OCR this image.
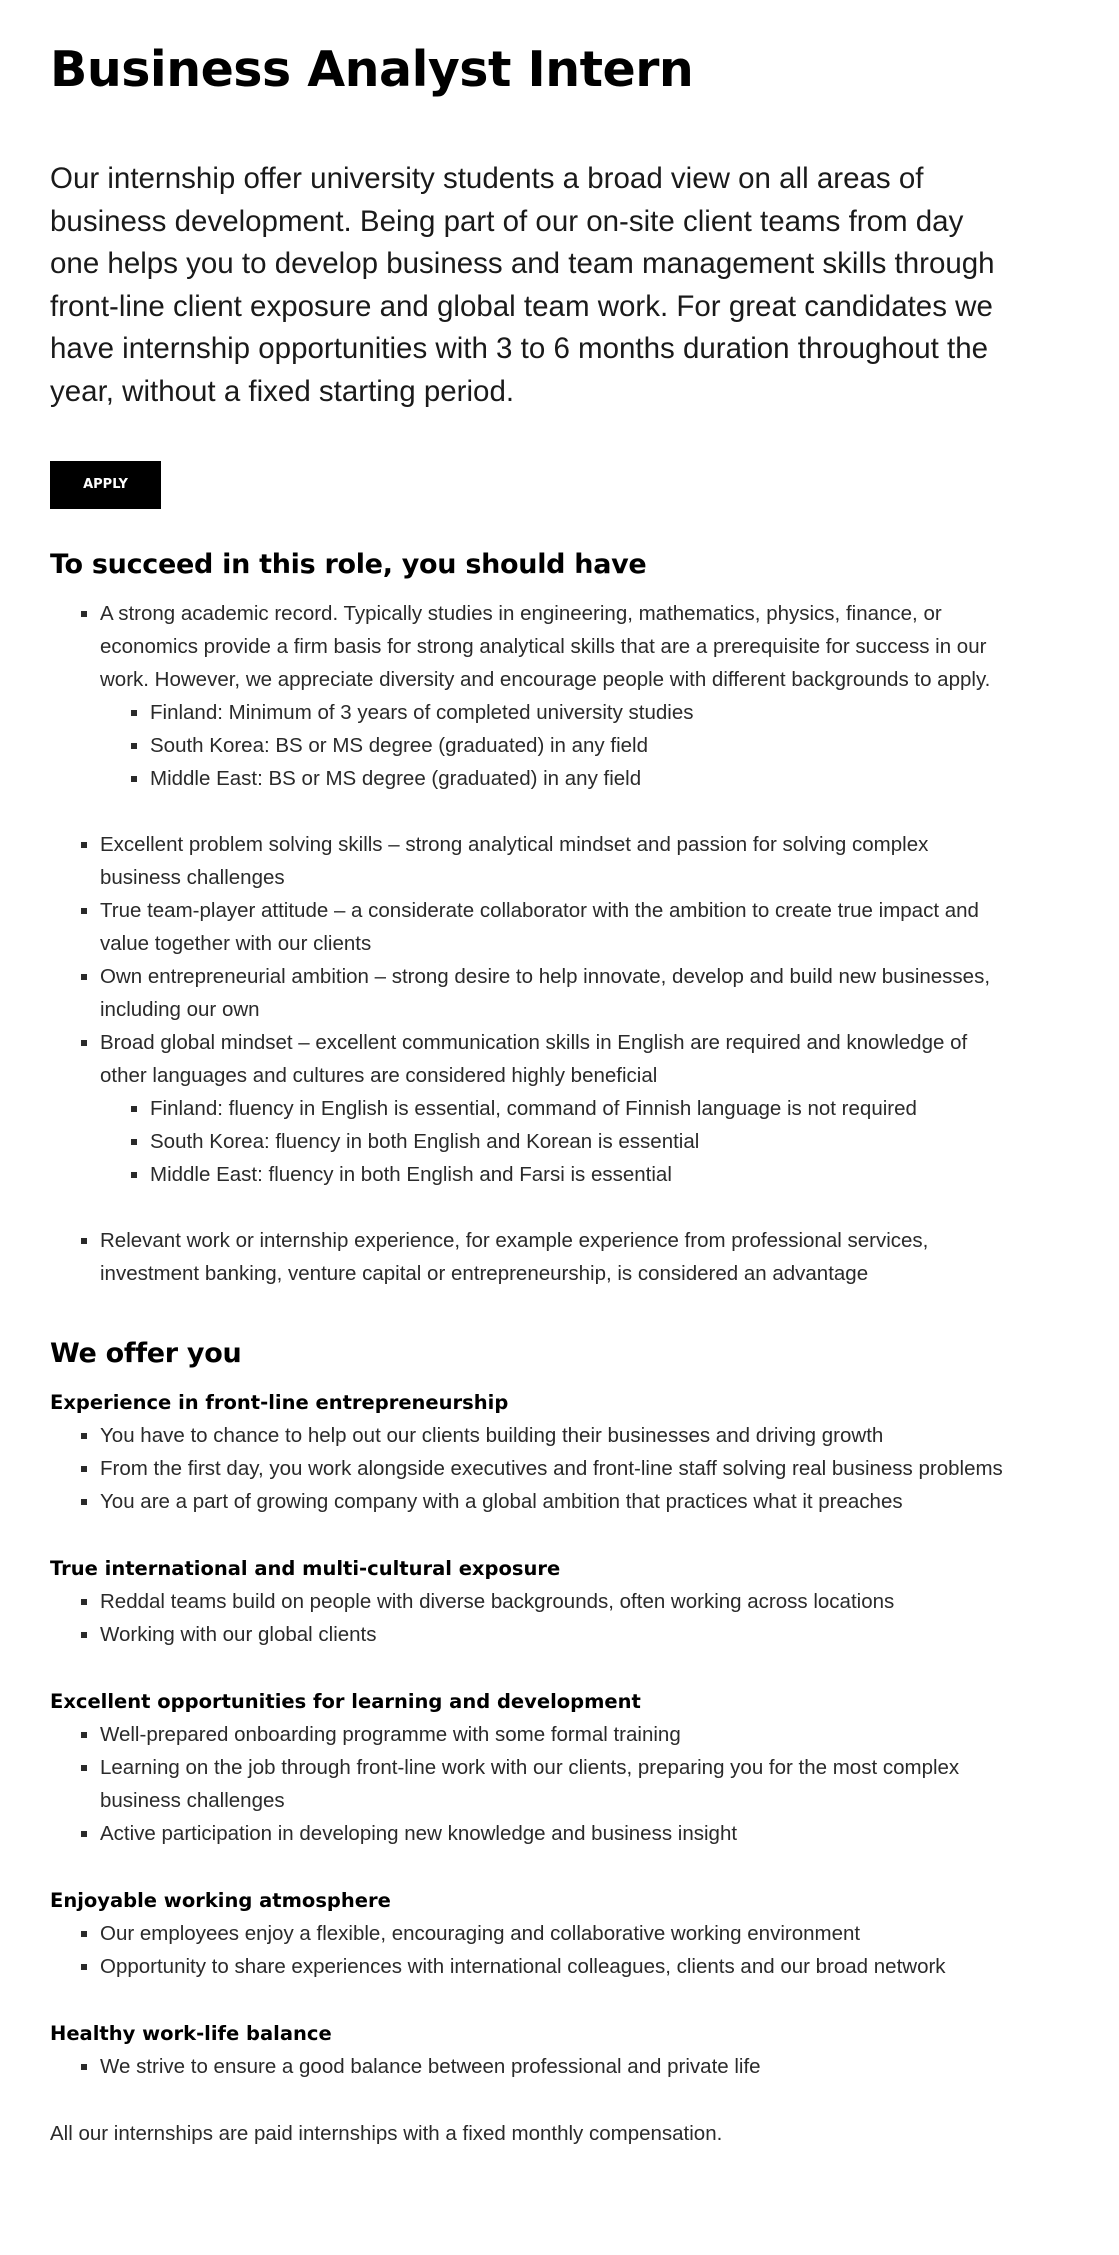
Business Analyst Intern

Our internship offer university students a broad view on all areas of business development. Being part of our on-site client teams from day one helps you to develop business and team management skills through front-line client exposure and global team work. For great candidates we have internship opportunities with 3 to 6 months duration throughout the year, without a fixed starting period.

APPLY
To succeed in this role, you should have
A strong academic record. Typically studies in engineering, mathematics, physics, finance, or economics provide a firm basis for strong analytical skills that are a prerequisite for success in our work. However, we appreciate diversity and encourage people with different backgrounds to apply.
Finland: Minimum of 3 years of completed university studies
South Korea: BS or MS degree (graduated) in any field
Middle East: BS or MS degree (graduated) in any field
Excellent problem solving skills – strong analytical mindset and passion for solving complex business challenges
True team-player attitude – a considerate collaborator with the ambition to create true impact and value together with our clients
Own entrepreneurial ambition – strong desire to help innovate, develop and build new businesses, including our own
Broad global mindset – excellent communication skills in English are required and knowledge of other languages and cultures are considered highly beneficial
Finland: fluency in English is essential, command of Finnish language is not required
South Korea: fluency in both English and Korean is essential
Middle East: fluency in both English and Farsi is essential
Relevant work or internship experience, for example experience from professional services, investment banking, venture capital or entrepreneurship, is considered an advantage
We offer you
Experience in front-line entrepreneurship
You have to chance to help out our clients building their businesses and driving growth
From the first day, you work alongside executives and front-line staff solving real business problems
You are a part of growing company with a global ambition that practices what it preaches
True international and multi-cultural exposure
Reddal teams build on people with diverse backgrounds, often working across locations
Working with our global clients
Excellent opportunities for learning and development
Well-prepared onboarding programme with some formal training
Learning on the job through front-line work with our clients, preparing you for the most complex business challenges
Active participation in developing new knowledge and business insight
Enjoyable working atmosphere
Our employees enjoy a flexible, encouraging and collaborative working environment
Opportunity to share experiences with international colleagues, clients and our broad network
Healthy work-life balance
We strive to ensure a good balance between professional and private life

All our internships are paid internships with a fixed monthly compensation.
